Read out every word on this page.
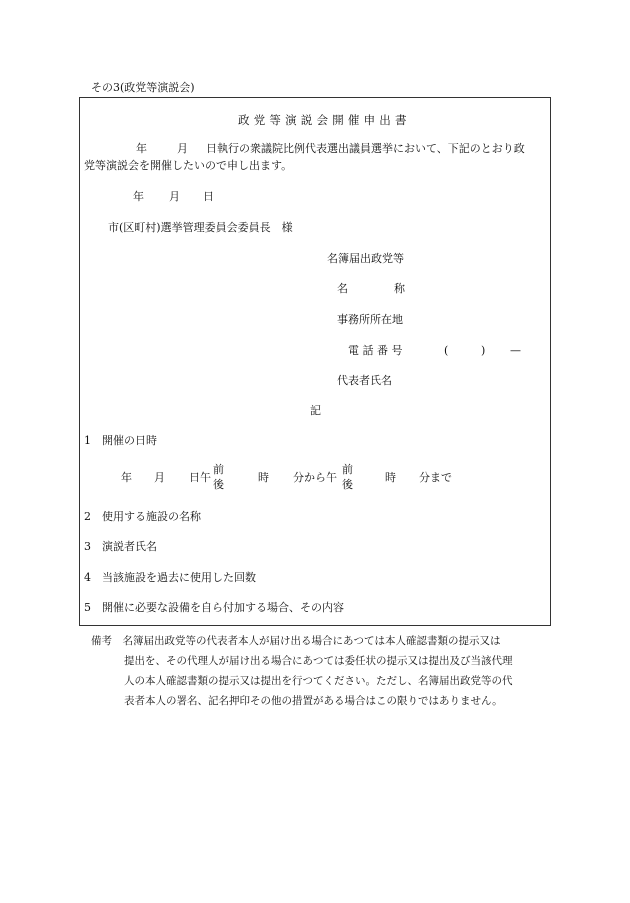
その3(政党等演説会)
政党等演説会開催申出書
年	月 日執行の衆議院比例代表選出議員選挙において、下記のとおり政
党等演説会を開催したいので申し出ます。
年 月 日
市(区町村)選挙管理委員会委員長　様
名簿届出政党等
名	称
事務所所在地
電 話 番 号	(	) —
代表者氏名
記
1　開催の日時
年 月 日午
前
後
時 分から午
前
後
時 分まで
2　使用する施設の名称
3　演説者氏名
4　当該施設を過去に使用した回数
5　開催に必要な設備を自ら付加する場合、その内容
備考　名簿届出政党等の代表者本人が届け出る場合にあつては本人確認書類の提示又は
提出を、その代理人が届け出る場合にあつては委任状の提示又は提出及び当該代理
人の本人確認書類の提示又は提出を行つてください。ただし、名簿届出政党等の代
表者本人の署名、記名押印その他の措置がある場合はこの限りではありません。
